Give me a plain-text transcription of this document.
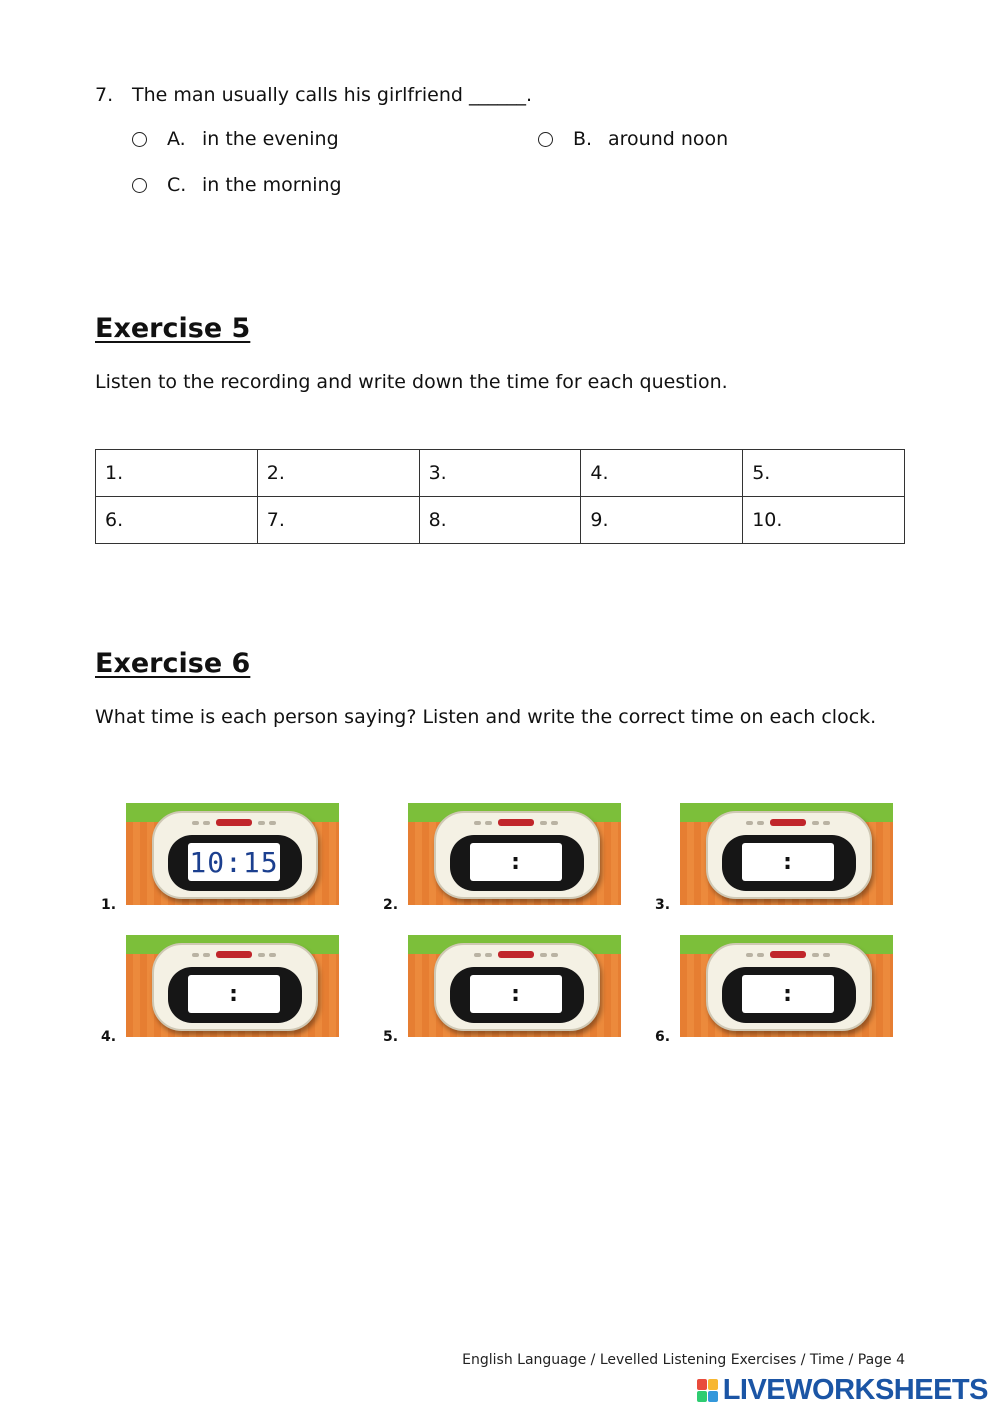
7. The man usually calls his girlfriend ______.
A. in the evening	B. around noon
C. in the morning
Exercise 5
Listen to the recording and write down the time for each question.
1.	2.	3.	4.	5.
6.	7.	8.	9.	10.
Exercise 6
What time is each person saying? Listen and write the correct time on each clock.
1.
10:15
2.
:
3.
:
4.
:
5.
:
6.
:
English Language / Levelled Listening Exercises / Time / Page 4
LIVEWORKSHEETS
